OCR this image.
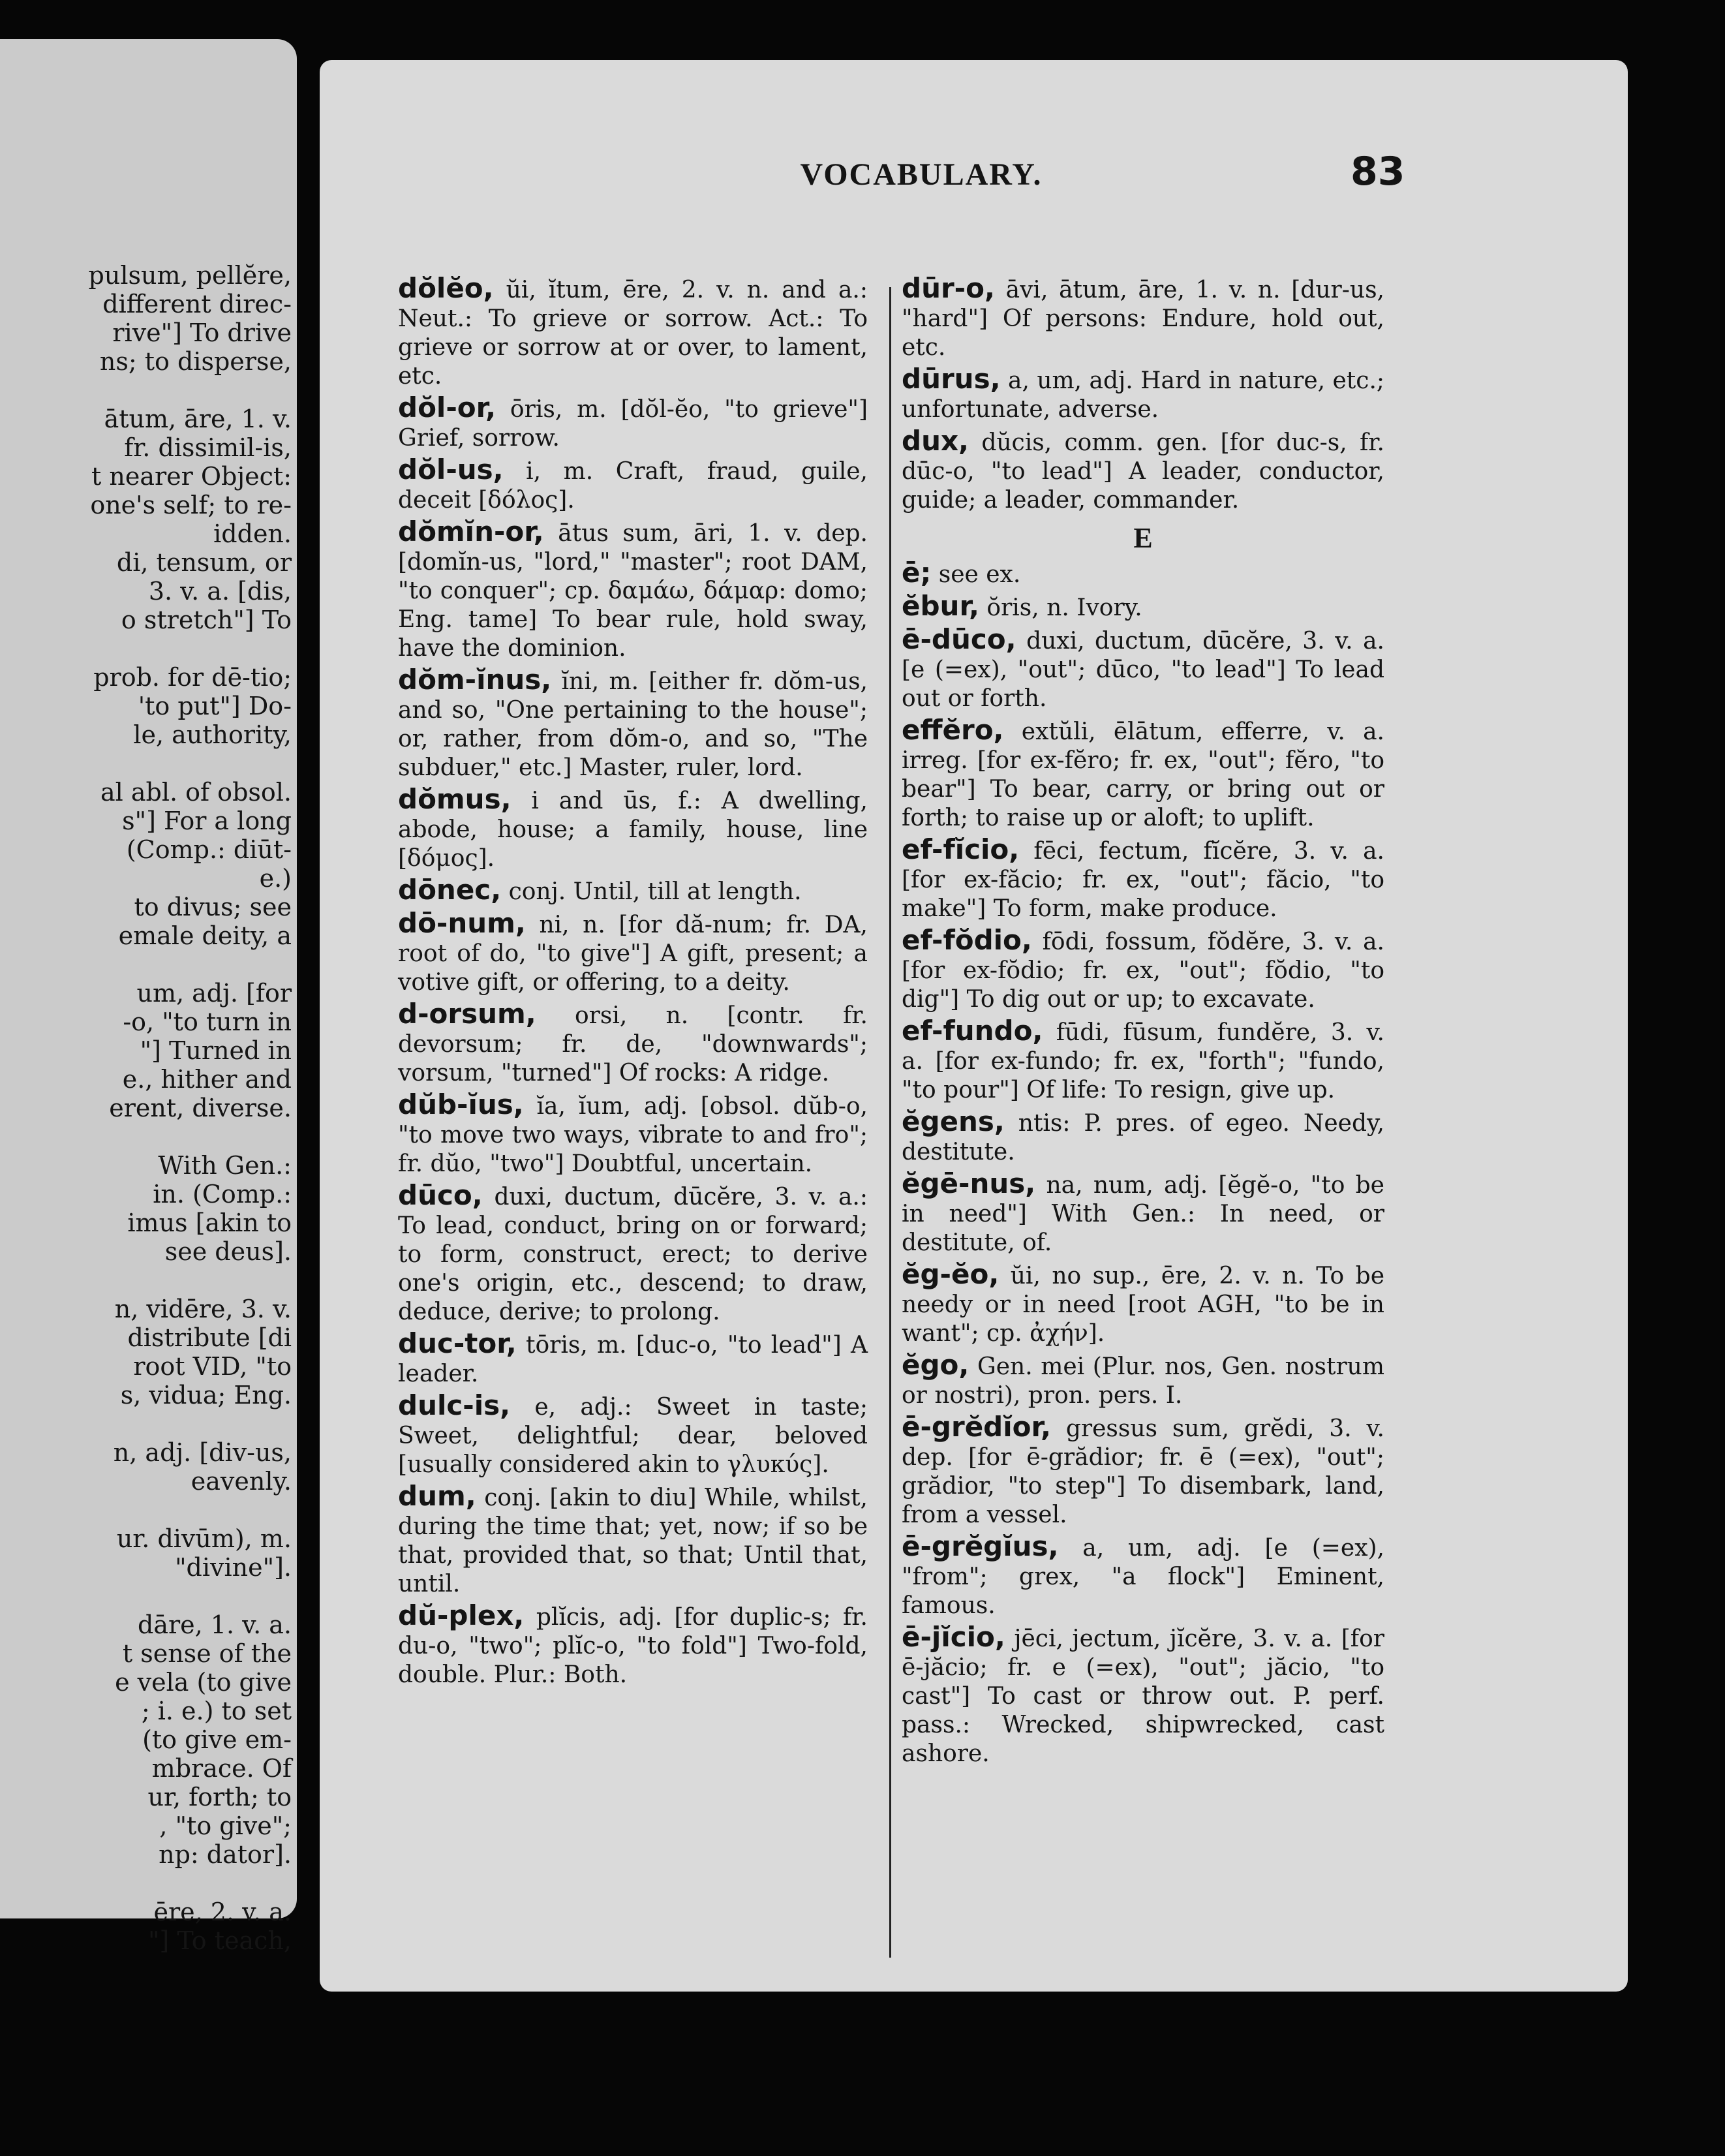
pulsum, pellĕre,
different direc-
rive"] To drive
ns; to disperse,
ātum, āre, 1. v.
fr. dissimil-is,
t nearer Object:
one's self; to re-
idden.
di, tensum, or
3. v. a. [dis,
o stretch"] To
prob. for dē-tio;
'to put"] Do-
le, authority,
al abl. of obsol.
s"] For a long
(Comp.: diūt-
e.)
to divus; see
emale deity, a
um, adj. [for
-o, "to turn in
"] Turned in
e., hither and
erent, diverse.
With Gen.:
in. (Comp.:
imus [akin to
see deus].
n, vidēre, 3. v.
distribute [di
root VID, "to
s, vidua; Eng.
n, adj. [div-us,
eavenly.
ur. divūm), m.
"divine"].
dāre, 1. v. a.
t sense of the
e vela (to give
; i. e.) to set
(to give em-
mbrace. Of
ur, forth; to
, "to give";
np: dator].
ēre, 2. v. a.
"] To teach,
VOCABULARY.	83
dŏlĕo, ŭi, ĭtum, ēre, 2. v. n. and a.: Neut.: To grieve or sorrow. Act.: To grieve or sorrow at or over, to lament, etc.
dŏl-or, ōris, m. [dŏl-ĕo, "to grieve"] Grief, sorrow.
dŏl-us, i, m. Craft, fraud, guile, deceit [δόλος].
dŏmĭn-or, ātus sum, āri, 1. v. dep. [domĭn-us, "lord," "master"; root DAM, "to conquer"; cp. δαμάω, δάμαρ: domo; Eng. tame] To bear rule, hold sway, have the dominion.
dŏm-ĭnus, ĭni, m. [either fr. dŏm-us, and so, "One pertaining to the house"; or, rather, from dŏm-o, and so, "The subduer," etc.] Master, ruler, lord.
dŏmus, i and ūs, f.: A dwelling, abode, house; a family, house, line [δόμος].
dōnec, conj. Until, till at length.
dō-num, ni, n. [for dă-num; fr. DA, root of do, "to give"] A gift, present; a votive gift, or offering, to a deity.
d-orsum, orsi, n. [contr. fr. devorsum; fr. de, "downwards"; vorsum, "turned"] Of rocks: A ridge.
dŭb-ĭus, ĭa, ĭum, adj. [obsol. dŭb-o, "to move two ways, vibrate to and fro"; fr. dŭo, "two"] Doubtful, uncertain.
dūco, duxi, ductum, dūcĕre, 3. v. a.: To lead, conduct, bring on or forward; to form, construct, erect; to derive one's origin, etc., descend; to draw, deduce, derive; to prolong.
duc-tor, tōris, m. [duc-o, "to lead"] A leader.
dulc-is, e, adj.: Sweet in taste; Sweet, delightful; dear, beloved [usually considered akin to γλυκύς].
dum, conj. [akin to diu] While, whilst, during the time that; yet, now; if so be that, provided that, so that; Until that, until.
dŭ-plex, plĭcis, adj. [for duplic-s; fr. du-o, "two"; plĭc-o, "to fold"] Two-fold, double. Plur.: Both.
dūr-o, āvi, ātum, āre, 1. v. n. [dur-us, "hard"] Of persons: Endure, hold out, etc.
dūrus, a, um, adj. Hard in nature, etc.; unfortunate, adverse.
dux, dŭcis, comm. gen. [for duc-s, fr. dūc-o, "to lead"] A leader, conductor, guide; a leader, commander.
E
ē; see ex.
ĕbur, ŏris, n. Ivory.
ē-dūco, duxi, ductum, dūcĕre, 3. v. a. [e (=ex), "out"; dūco, "to lead"] To lead out or forth.
effĕro, extŭli, ēlātum, efferre, v. a. irreg. [for ex-fĕro; fr. ex, "out"; fĕro, "to bear"] To bear, carry, or bring out or forth; to raise up or aloft; to uplift.
ef-fĭcio, fēci, fectum, fĭcĕre, 3. v. a. [for ex-făcio; fr. ex, "out"; făcio, "to make"] To form, make produce.
ef-fŏdio, fōdi, fossum, fŏdĕre, 3. v. a. [for ex-fŏdio; fr. ex, "out"; fŏdio, "to dig"] To dig out or up; to excavate.
ef-fundo, fūdi, fūsum, fundĕre, 3. v. a. [for ex-fundo; fr. ex, "forth"; "fundo, "to pour"] Of life: To resign, give up.
ĕgens, ntis: P. pres. of egeo. Needy, destitute.
ĕgē-nus, na, num, adj. [ĕgĕ-o, "to be in need"] With Gen.: In need, or destitute, of.
ĕg-ĕo, ŭi, no sup., ēre, 2. v. n. To be needy or in need [root AGH, "to be in want"; cp. ἀχήν].
ĕgo, Gen. mei (Plur. nos, Gen. nostrum or nostri), pron. pers. I.
ē-grĕdĭor, gressus sum, grĕdi, 3. v. dep. [for ē-grădior; fr. ē (=ex), "out"; grădior, "to step"] To disembark, land, from a vessel.
ē-grĕgĭus, a, um, adj. [e (=ex), "from"; grex, "a flock"] Eminent, famous.
ē-jĭcio, jēci, jectum, jĭcĕre, 3. v. a. [for ē-jăcio; fr. e (=ex), "out"; jăcio, "to cast"] To cast or throw out. P. perf. pass.: Wrecked, shipwrecked, cast ashore.
